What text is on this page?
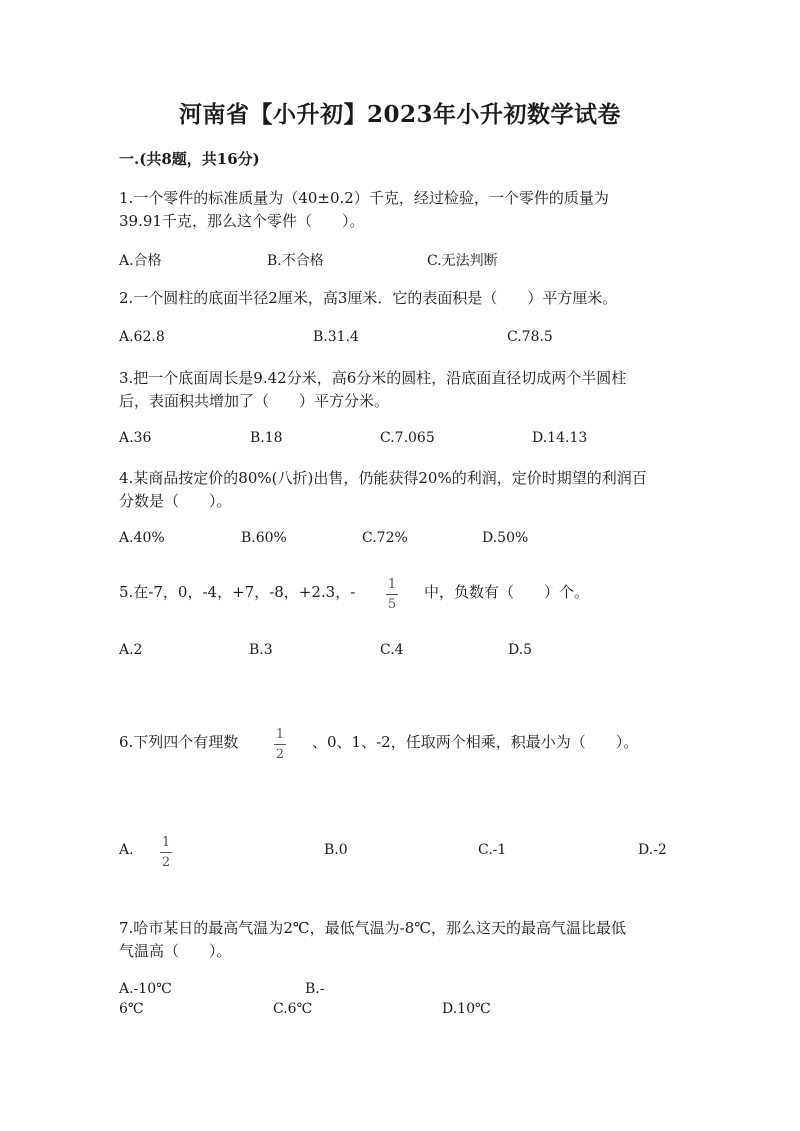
河南省【小升初】2023年小升初数学试卷
一.(共8题，共16分)
1.一个零件的标准质量为（40±0.2）千克，经过检验，一个零件的质量为
39.91千克，那么这个零件（　　）。
A.合格	B.不合格	C.无法判断
2.一个圆柱的底面半径2厘米，高3厘米．它的表面积是（　　）平方厘米。
A.62.8	B.31.4	C.78.5
3.把一个底面周长是9.42分米，高6分米的圆柱，沿底面直径切成两个半圆柱
后，表面积共增加了（　　）平方分米。
A.36	B.18	C.7.065	D.14.13
4.某商品按定价的80%(八折)出售，仍能获得20%的利润，定价时期望的利润百
分数是（　　）。
A.40%	B.60%	C.72%	D.50%
5.在-7，0，-4，+7，-8，+2.3，-	1
5
中，负数有（　　）个。
A.2	B.3	C.4	D.5
6.下列四个有理数	1
2
、0、1、-2，任取两个相乘，积最小为（　　）。
A. 1
2
B.0	C.-1	D.-2
7.哈市某日的最高气温为2℃，最低气温为-8℃，那么这天的最高气温比最低
气温高（　　）。
A.-10℃	B.-
6℃	C.6℃	D.10℃
